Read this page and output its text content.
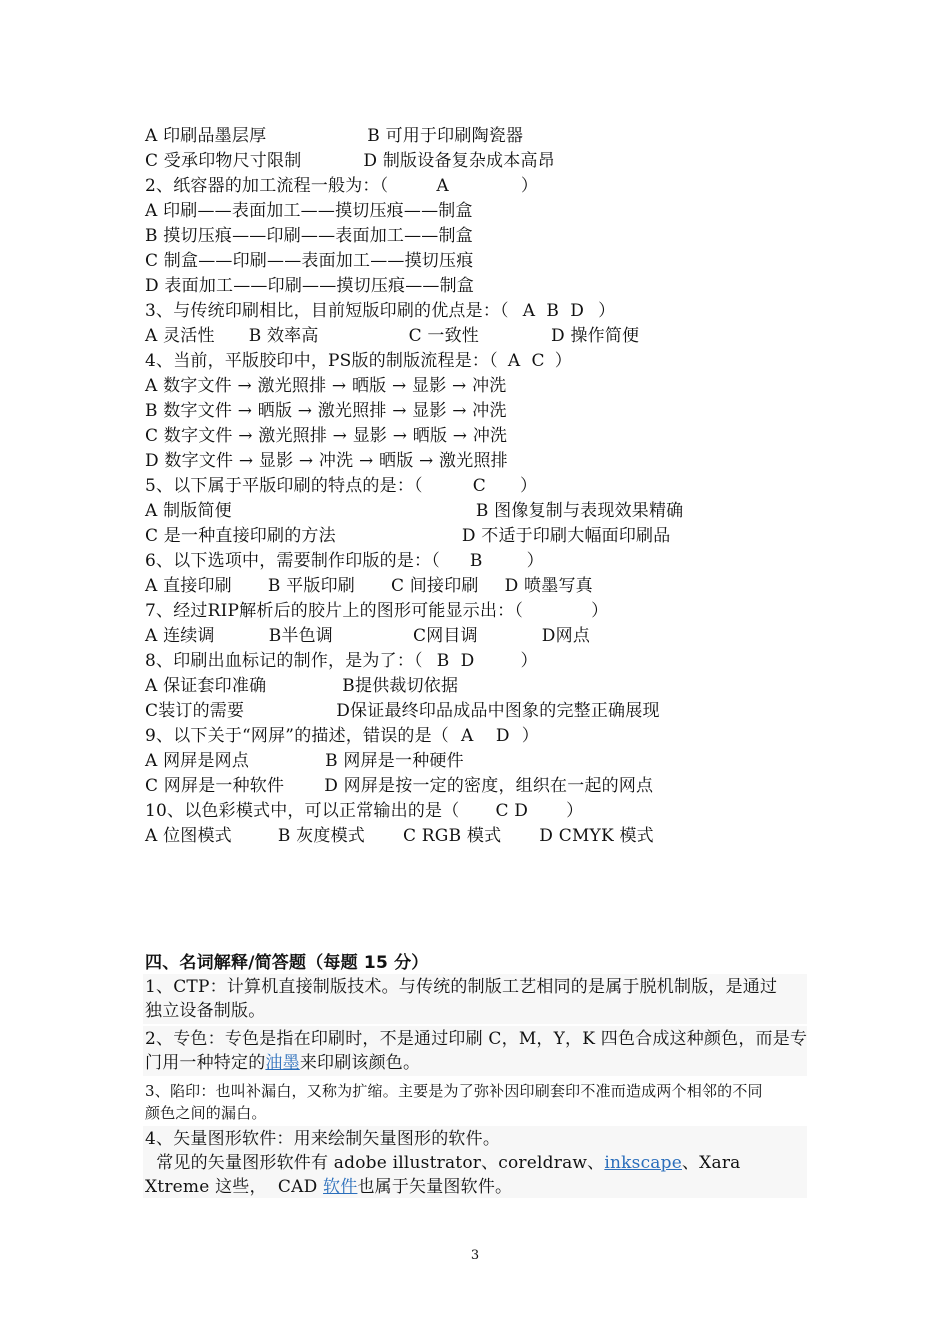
A 印刷品墨层厚	B 可用于印刷陶瓷器
C 受承印物尺寸限制	D 制版设备复杂成本高昂
2、纸容器的加工流程一般为：（	A	）
A 印刷——表面加工——摸切压痕——制盒
B 摸切压痕——印刷——表面加工——制盒
C 制盒——印刷——表面加工——摸切压痕
D 表面加工——印刷——摸切压痕——制盒
3、与传统印刷相比，目前短版印刷的优点是：（ A  B  D ）
A 灵活性 B 效率高	C 一致性	D 操作简便
4、当前，平版胶印中，PS版的制版流程是：（ A  C ）
A 数字文件 → 激光照排 → 晒版 → 显影 → 冲洗
B 数字文件 → 晒版 → 激光照排 → 显影 → 冲洗
C 数字文件 → 激光照排 → 显影 → 晒版 → 冲洗
D 数字文件 → 显影 → 冲洗 → 晒版 → 激光照排
5、以下属于平版印刷的特点的是：（	C ）
A 制版简便	B 图像复制与表现效果精确
C 是一种直接印刷的方法	D 不适于印刷大幅面印刷品
6、以下选项中，需要制作印版的是：（ B	）
A 直接印刷 B 平版印刷 C 间接印刷 D 喷墨写真
7、经过RIP解析后的胶片上的图形可能显示出：（	）
A 连续调	B半色调	C网目调	D网点
8、印刷出血标记的制作，是为了：（ B  D	）
A 保证套印准确	B提供裁切依据
C装订的需要	D保证最终印品成品中图象的完整正确展现
9、以下关于“网屏”的描述，错误的是（ A    D ）
A 网屏是网点	B 网屏是一种硬件
C 网屏是一种软件 D 网屏是按一定的密度，组织在一起的网点
10、以色彩模式中，可以正常输出的是（ C D ）
A 位图模式	B 灰度模式 C RGB 模式 D CMYK 模式
四、名词解释/简答题（每题 15 分）
1、CTP：计算机直接制版技术。与传统的制版工艺相同的是属于脱机制版，是通过
独立设备制版。
2、专色：专色是指在印刷时，不是通过印刷 C，M，Y，K 四色合成这种颜色，而是专
门用一种特定的油墨来印刷该颜色。
3、陷印：也叫补漏白，又称为扩缩。主要是为了弥补因印刷套印不准而造成两个相邻的不同
颜色之间的漏白。
4、矢量图形软件：用来绘制矢量图形的软件。
常见的矢量图形软件有 adobe illustrator、coreldraw、inkscape、Xara
Xtreme 这些，  CAD 软件也属于矢量图软件。
3
